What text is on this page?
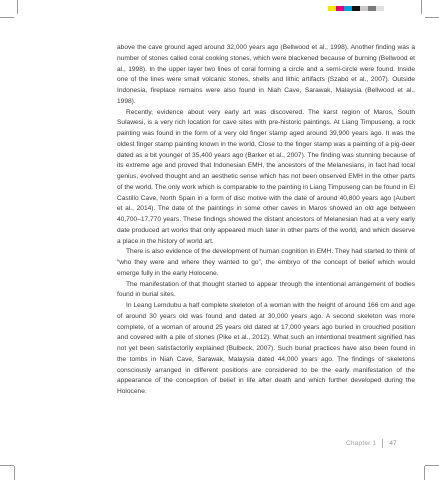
above the cave ground aged around 32,000 years ago (Bellwood et al., 1998). Another finding was a number of stones called coral cooking stones, which were blackened because of burning (Bellwood et al., 1998). In the upper layer two lines of coral forming a circle and a semi-circle were found. Inside one of the lines were small volcanic stones, shells and lithic artifacts (Szabó et al., 2007). Outside Indonesia, fireplace remains were also found in Niah Cave, Sarawak, Malaysia (Bellwood et al., 1998).

Recently, evidence about very early art was discovered. The karst region of Maros, South Sulawesi, is a very rich location for cave sites with pre-historic paintings. At Liang Timpuseng, a rock painting was found in the form of a very old finger stamp aged around 39,900 years ago. It was the oldest finger stamp painting known in the world. Close to the finger stamp was a painting of a pig-deer dated as a bit younger of 35,400 years ago (Barker et al., 2007). The finding was stunning because of its extreme age and proved that Indonesian EMH, the ancestors of the Melanesians, in fact had local genius, evolved thought and an aesthetic sense which has not been observed EMH in the other parts of the world. The only work which is comparable to the painting in Liang Timpuseng can be found in El Castillo Cave, North Spain in a form of disc motive with the date of around 40,800 years ago (Aubert et al., 2014). The date of the paintings in some other caves in Maros showed an old age between 40,700–17,770 years. These findings showed the distant ancestors of Melanesian had at a very early date produced art works that only appeared much later in other parts of the world, and which deserve a place in the history of world art.

There is also evidence of the development of human cognition in EMH. They had started to think of “who they were and where they wanted to go”, the embryo of the concept of belief which would emerge fully in the early Holocene.

The manifestation of that thought started to appear through the intentional arrangement of bodies found in burial sites.

In Leang Lemdubu a half complete skeleton of a woman with the height of around 166 cm and age of around 30 years old was found and dated at 30,000 years ago. A second skeleton was more complete, of a woman of around 25 years old dated at 17,000 years ago buried in crouched position and covered with a pile of stones (Pike et al., 2012). What such an intentional treatment signified has not yet been satisfactorily explained (Bulbeck, 2007). Such burial practices have also been found in the tombs in Niah Cave, Sarawak, Malaysia dated 44,000 years ago. The findings of skeletons consciously arranged in different positions are considered to be the early manifestation of the appearance of the conception of belief in life after death and which further developed during the Holocene.

Chapter 1 47
